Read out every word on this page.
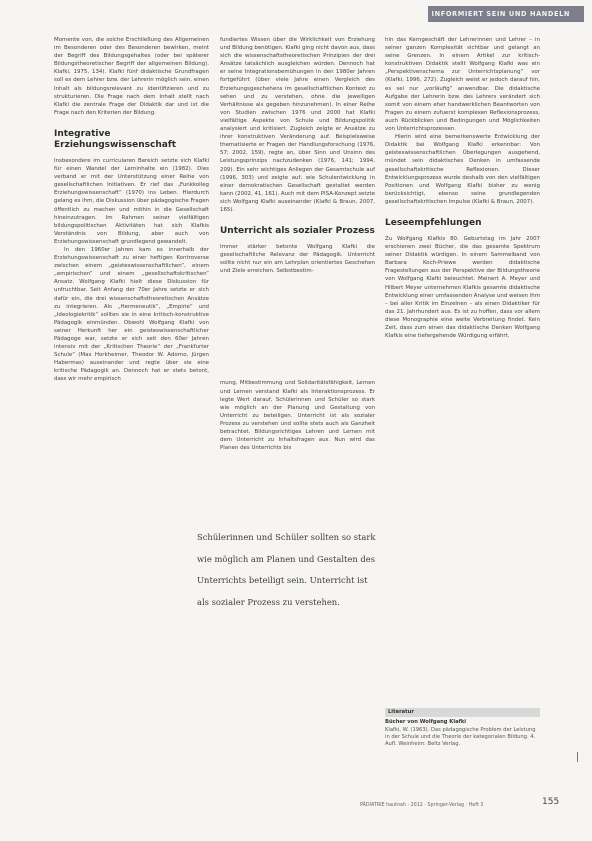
INFORMIERT SEIN UND HANDELN

Momente von, die solche Erschließung des Allgemeinen im Besonderen oder des Besonderen bewirken, meint der Begriff des Bildungsgehaltes (oder bei späterer Bildungstheoretischer Begriff der allgemeinen Bildung). Klafki, 1975, 134). Klafki fünf didaktische Grundfragen soll es dem Lehrer bzw. der Lehrerin möglich sein, einen Inhalt als bildungsrelevant zu identifizieren und zu strukturieren. Die Frage nach dem Inhalt stellt nach Klafki die zentrale Frage der Didaktik dar und ist die Frage nach den Kriterien der Bildung.

Integrative Erziehungswissenschaft

Insbesondere im curricularen Bereich setzte sich Klafki für einen Wandel der Lerninhalte ein (1982). Dies verband er mit der Unterstützung einer Reihe von gesellschaftlichen Initiativen. Er rief das „Funkkolleg Erziehungswissenschaft“ (1970) ins Leben. Hierdurch gelang es ihm, die Diskussion über pädagogische Fragen öffentlich zu machen und mithin in die Gesellschaft hineinzutragen. Im Rahmen seiner vielfältigen bildungspolitischen Aktivitäten hat sich Klafkis Verständnis von Bildung, aber auch von Erziehungswissenschaft grundlegend gewandelt.

In den 1960er Jahren kam es innerhalb der Erziehungswissenschaft zu einer heftigen Kontroverse zwischen einem „geisteswissenschaftlichen“, einem „empirischen“ und einem „gesellschaftskritischen“ Ansatz. Wolfgang Klafki hielt diese Diskussion für unfruchtbar. Seit Anfang der 70er Jahre setzte er sich dafür ein, die drei wissenschaftstheoretischen Ansätze zu integrieren. Als „Hermeneutik“, „Empirie“ und „Ideologiekritik“ sollten sie in eine kritisch-konstruktive Pädagogik einmünden. Obwohl Wolfgang Klafki von seiner Herkunft her ein geisteswissenschaftlicher Pädagoge war, setzte er sich seit den 60er Jahren intensiv mit der „Kritischen Theorie“ der „Frankfurter Schule“ (Max Horkheimer, Theodor W. Adorno, Jürgen Habermas) auseinander und regte über sie eine kritische Pädagogik an. Dennoch hat er stets betont, dass wir mehr empirisch

fundiertes Wissen über die Wirklichkeit von Erziehung und Bildung benötigen. Klafki ging nicht davon aus, dass sich die wissenschaftstheoretischen Prinzipien der drei Ansätze tatsächlich ausgleichen würden. Dennoch hat er seine Integrationsbemühungen in den 1980er Jahren fortgeführt (über viele Jahre einen Vergleich des Erziehungsgeschehens im gesellschaftlichen Kontext zu sehen und zu verstehen, ohne die jeweiligen Verhältnisse als gegeben hinzunehmen). In einer Reihe von Studien zwischen 1976 und 2000 hat Klafki vielfältige Aspekte von Schule und Bildungspolitik analysiert und kritisiert. Zugleich zeigte er Ansätze zu ihrer konstruktiven Veränderung auf. Beispielsweise thematisierte er Fragen der Handlungsforschung (1976, 57; 2002, 159), regte an, über Sinn und Unsinn des Leistungsprinzips nachzudenken (1976, 141; 1994, 209). Ein sehr wichtiges Anliegen der Gesamtschule auf (1996, 303) und zeigte auf, wie Schulentwicklung in einer demokratischen Gesellschaft gestaltet werden kann (2002, 41, 161). Auch mit dem PISA-Konzept setzte sich Wolfgang Klafki auseinander (Klafki & Braun, 2007, 165).

Unterricht als sozialer Prozess

Immer stärker betonte Wolfgang Klafki die gesellschaftliche Relevanz der Pädagogik. Unterricht sollte nicht nur ein am Lehrplan orientiertes Geschehen und Ziele erreichen. Selbstbestim-

mung, Mitbestimmung und Solidaritätsfähigkeit, Lernen und Lernen verstand Klafki als Interaktionsprozess. Er legte Wert darauf, Schülerinnen und Schüler so stark wie möglich an der Planung und Gestaltung von Unterricht zu beteiligen. Unterricht ist als sozialer Prozess zu verstehen und sollte stets auch als Ganzheit betrachtet. Bildungsrichtiges Lehren und Lernen mit dem Unterricht zu Inhaltsfragen aus. Nun wird das Planen des Unterrichts bis

hin das Kerngeschäft der Lehrerinnen und Lehrer – in seiner ganzen Komplexität sichtbar und gelangt an seine Grenzen. In einem Artikel zur kritisch-konstruktiven Didaktik stellt Wolfgang Klafki was ein „Perspektivenschema zur Unterrichtsplanung“ vor (Klafki, 1996, 272). Zugleich weist er jedoch darauf hin, es sei nur „vorläufig“ anwendbar. Die didaktische Aufgabe der Lehrerin bzw. des Lehrers verändert sich somit von einem eher handwerklichen Beantworten von Fragen zu einem zufuerst komplexen Reflexionsprozess, auch Rückblicken und Bedingungen und Möglichkeiten von Unterrichtsprozessen.

Hierin wird eine bemerkenswerte Entwicklung der Didaktik bei Wolfgang Klafki erkennbar: Von geisteswissenschaftlichen Überlegungen ausgehend, mündet sein didaktisches Denken in umfassende gesellschaftskritische Reflexionen. Dieser Entwicklungsprozess wurde deshalb von den vielfältigen Positionen und Wolfgang Klafki bisher zu wenig berücksichtigt, ebenso seine grundlegenden gesellschaftskritischen Impulse (Klafki & Braun, 2007).

Leseempfehlungen

Zu Wolfgang Klafkis 80. Geburtstag im Jahr 2007 erschienen zwei Bücher, die das gesamte Spektrum seiner Didaktik würdigen. In einem Sammelband von Barbara Koch-Priewe werden didaktische Fragestellungen aus der Perspektive der Bildungstheorie von Wolfgang Klafki beleuchtet. Meinert A. Meyer und Hilbert Meyer unternehmen Klafkis gesamte didaktische Entwicklung einer umfassenden Analyse und weisen ihm – bei aller Kritik im Einzelnen – als einen Didaktiker für das 21. Jahrhundert aus. Es ist zu hoffen, dass vor allem diese Monographie eine weite Verbreitung findet. Kein Zeit, dass zum einen das didaktische Denken Wolfgang Klafkis eine tiefergehende Würdigung erfährt.

Schülerinnen und Schüler sollten so stark

wie möglich am Planen und Gestalten des

Unterrichts beteiligt sein. Unterricht ist

als sozialer Prozess zu verstehen.

Literatur
Bücher von Wolfgang Klafki
Klafki, W. (1963). Das pädagogische Problem der Leistung in der Schule und die Theorie der kategorialen Bildung. 4. Aufl. Weinheim: Beltz Verlag.
PÄDIATRIE hautnah · 2012 · Springer-Verlag · Heft 3	155
